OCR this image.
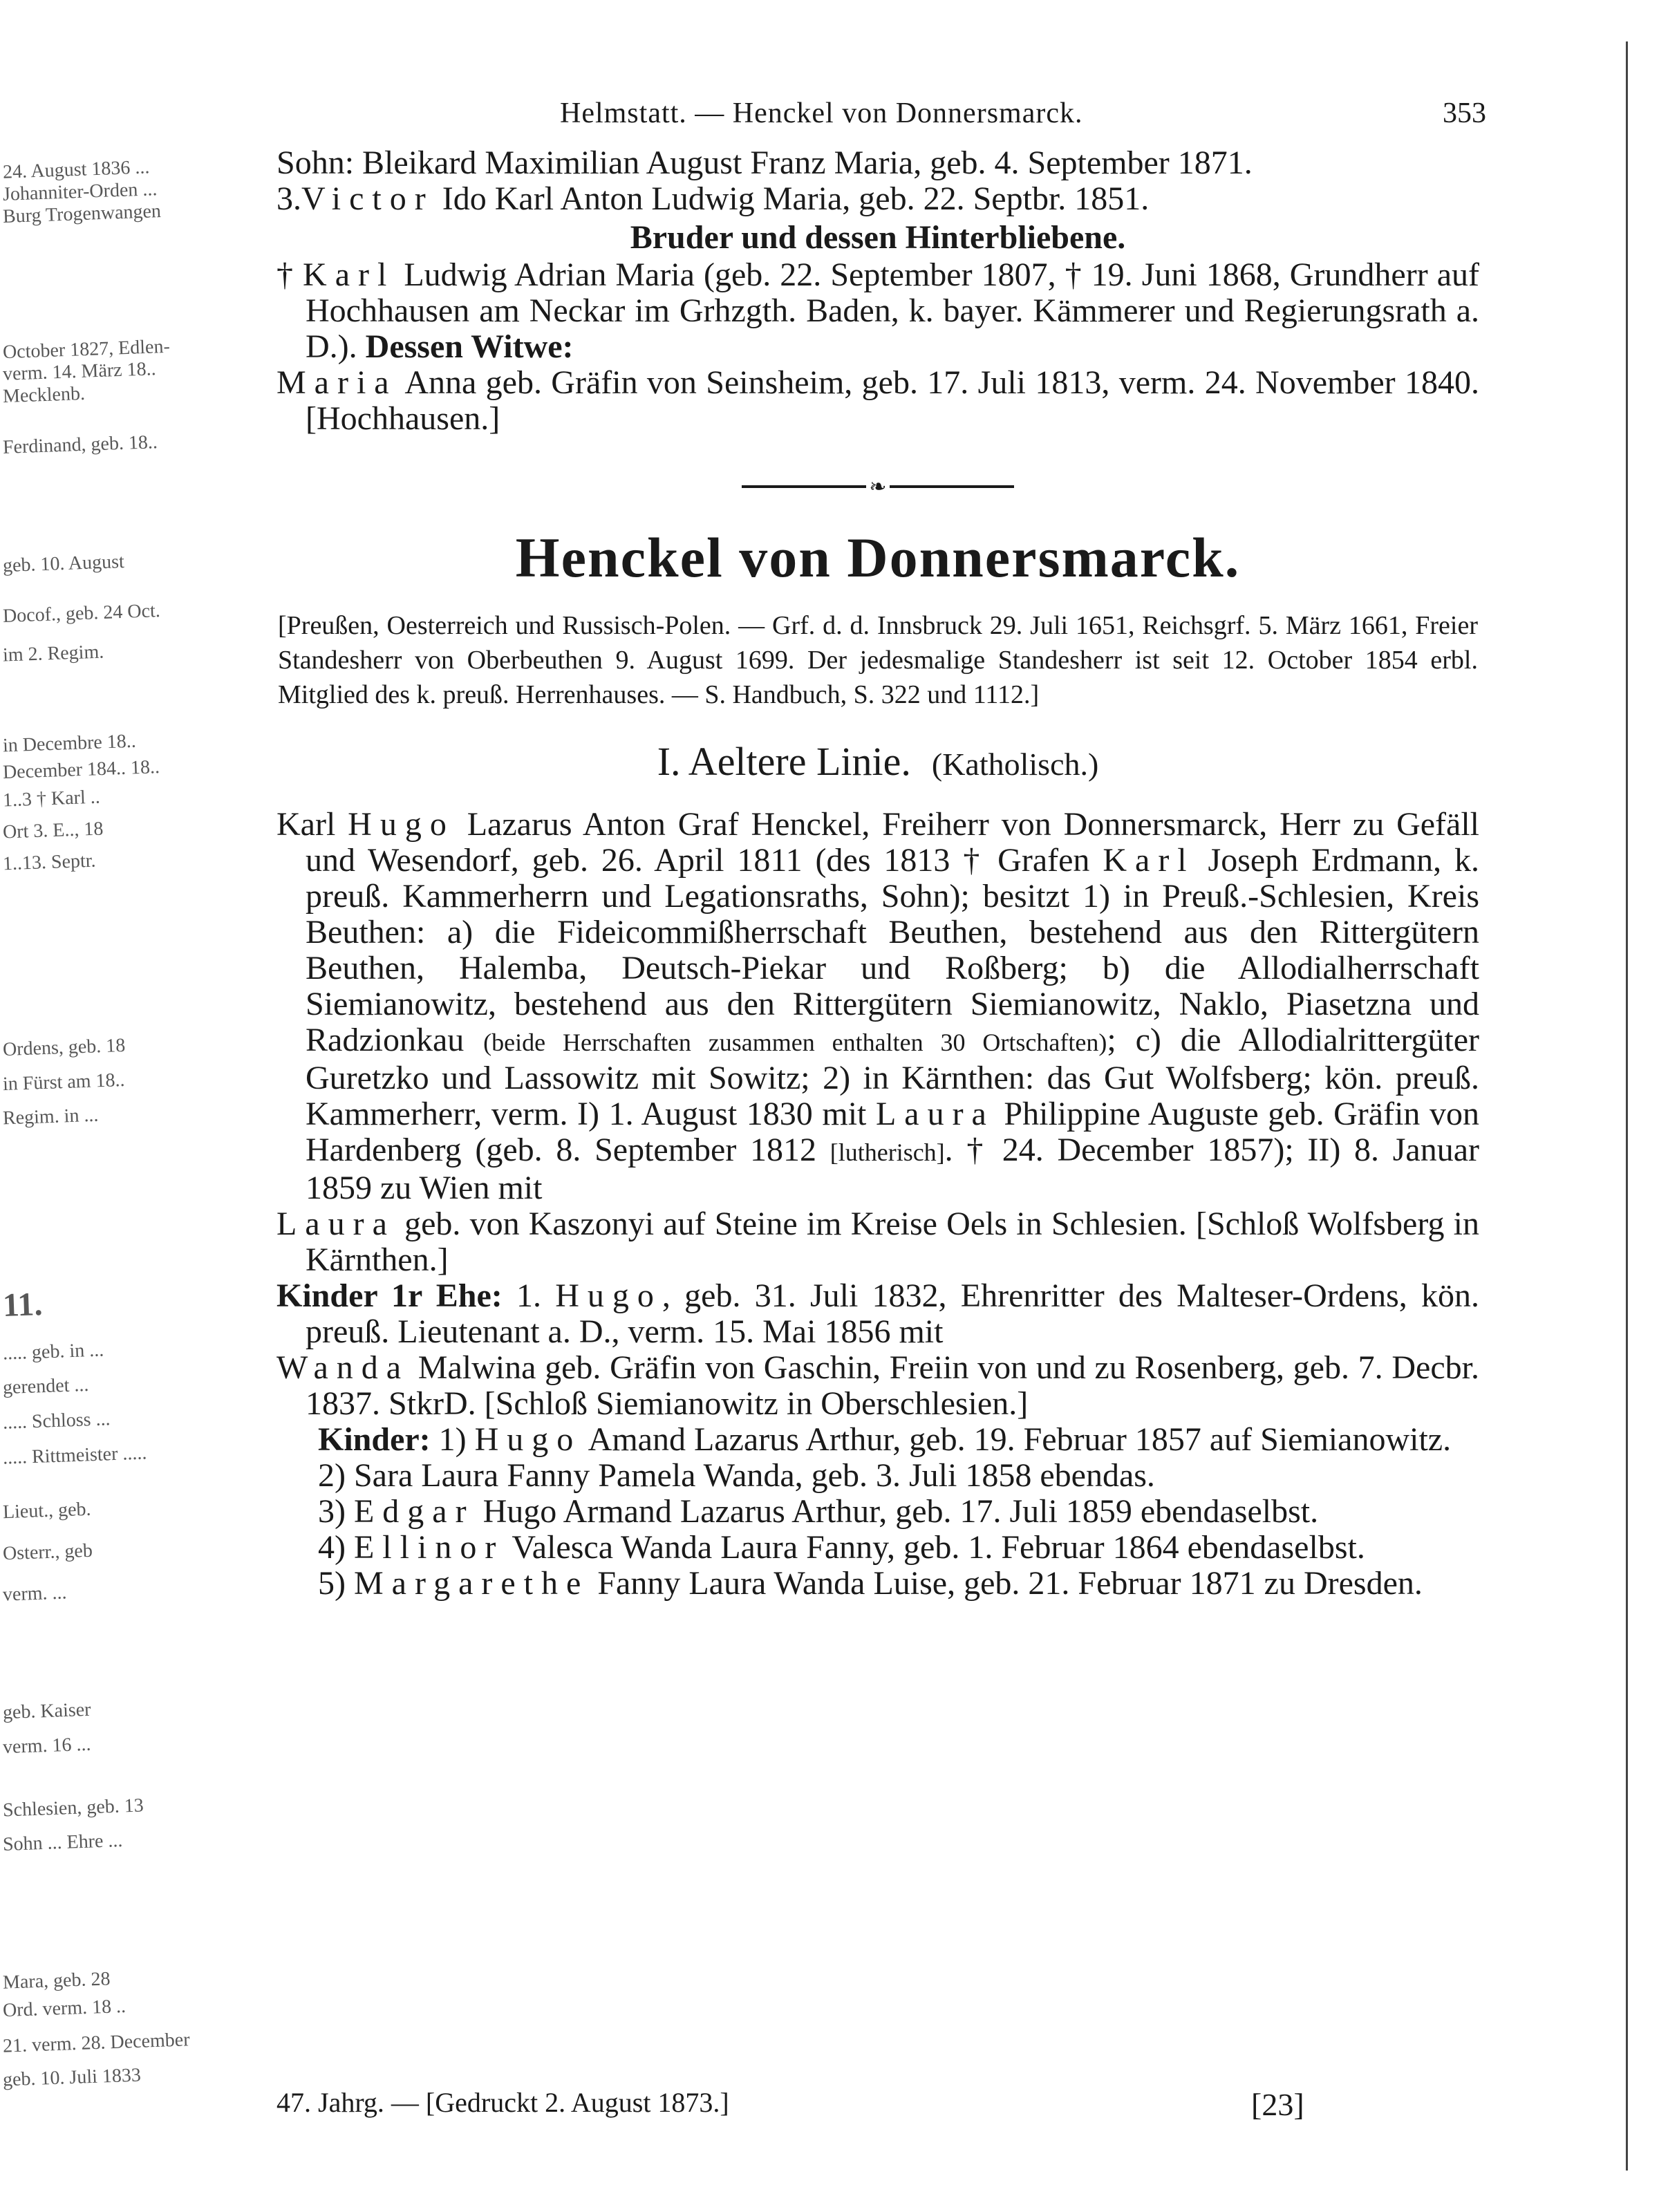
24. August 1836 ...
Johanniter-Orden ...
Burg Trogenwangen
October 1827, Edlen-
verm. 14. März 18..
Mecklenb.
Ferdinand, geb. 18..
geb. 10. August
Docof., geb. 24 Oct.
im 2. Regim.
in Decembre 18..
December 184.. 18..
1..3 † Karl ..
Ort 3. E.., 18
1..13. Septr.
Ordens, geb. 18
in Fürst am 18..
Regim. in ...
11.
..... geb. in ...
gerendet ...
..... Schloss ...
..... Rittmeister .....
Lieut., geb.
Osterr., geb
verm. ...
geb. Kaiser
verm. 16 ...
Schlesien, geb. 13
Sohn ... Ehre ...
Mara, geb. 28
Ord. verm. 18 ..
21. verm. 28. December
geb. 10. Juli 1833
Helmstatt. — Henckel von Donnersmarck.	353

Sohn: Bleikard Maximilian August Franz Maria, geb. 4. September 1871.

3.Victor Ido Karl Anton Ludwig Maria, geb. 22. Septbr. 1851.

Bruder und dessen Hinterbliebene.

† Karl Ludwig Adrian Maria (geb. 22. September 1807, † 19. Juni 1868, Grundherr auf Hochhausen am Neckar im Grhzgth. Baden, k. bayer. Kämmerer und Regierungsrath a. D.). Dessen Witwe:

Maria Anna geb. Gräfin von Seinsheim, geb. 17. Juli 1813, verm. 24. November 1840. [Hochhausen.]

❧

Henckel von Donnersmarck.

[Preußen, Oesterreich und Russisch-Polen. — Grf. d. d. Innsbruck 29. Juli 1651, Reichsgrf. 5. März 1661, Freier Standesherr von Oberbeuthen 9. August 1699. Der jedesmalige Standesherr ist seit 12. October 1854 erbl. Mitglied des k. preuß. Herrenhauses. — S. Handbuch, S. 322 und 1112.]

I. Aeltere Linie. (Katholisch.)

Karl Hugo Lazarus Anton Graf Henckel, Freiherr von Donnersmarck, Herr zu Gefäll und Wesendorf, geb. 26. April 1811 (des 1813 † Grafen Karl Joseph Erdmann, k. preuß. Kammerherrn und Legationsraths, Sohn); besitzt 1) in Preuß.-Schlesien, Kreis Beuthen: a) die Fideicommißherrschaft Beuthen, bestehend aus den Rittergütern Beuthen, Halemba, Deutsch-Piekar und Roßberg; b) die Allodialherrschaft Siemianowitz, bestehend aus den Rittergütern Siemianowitz, Naklo, Piasetzna und Radzionkau (beide Herrschaften zusammen enthalten 30 Ortschaften); c) die Allodialrittergüter Guretzko und Lassowitz mit Sowitz; 2) in Kärnthen: das Gut Wolfsberg; kön. preuß. Kammerherr, verm. I) 1. August 1830 mit Laura Philippine Auguste geb. Gräfin von Hardenberg (geb. 8. September 1812 [lutherisch]. † 24. December 1857); II) 8. Januar 1859 zu Wien mit

Laura geb. von Kaszonyi auf Steine im Kreise Oels in Schlesien. [Schloß Wolfsberg in Kärnthen.]

Kinder 1r Ehe: 1. Hugo, geb. 31. Juli 1832, Ehrenritter des Malteser-Ordens, kön. preuß. Lieutenant a. D., verm. 15. Mai 1856 mit

Wanda Malwina geb. Gräfin von Gaschin, Freiin von und zu Rosenberg, geb. 7. Decbr. 1837. StkrD. [Schloß Siemianowitz in Oberschlesien.]

Kinder: 1) Hugo Amand Lazarus Arthur, geb. 19. Februar 1857 auf Siemianowitz.

2) Sara Laura Fanny Pamela Wanda, geb. 3. Juli 1858 ebendas.

3) Edgar Hugo Armand Lazarus Arthur, geb. 17. Juli 1859 ebendaselbst.

4) Ellinor Valesca Wanda Laura Fanny, geb. 1. Februar 1864 ebendaselbst.

5) Margarethe Fanny Laura Wanda Luise, geb. 21. Februar 1871 zu Dresden.

47. Jahrg. — [Gedruckt 2. August 1873.]	[23]
